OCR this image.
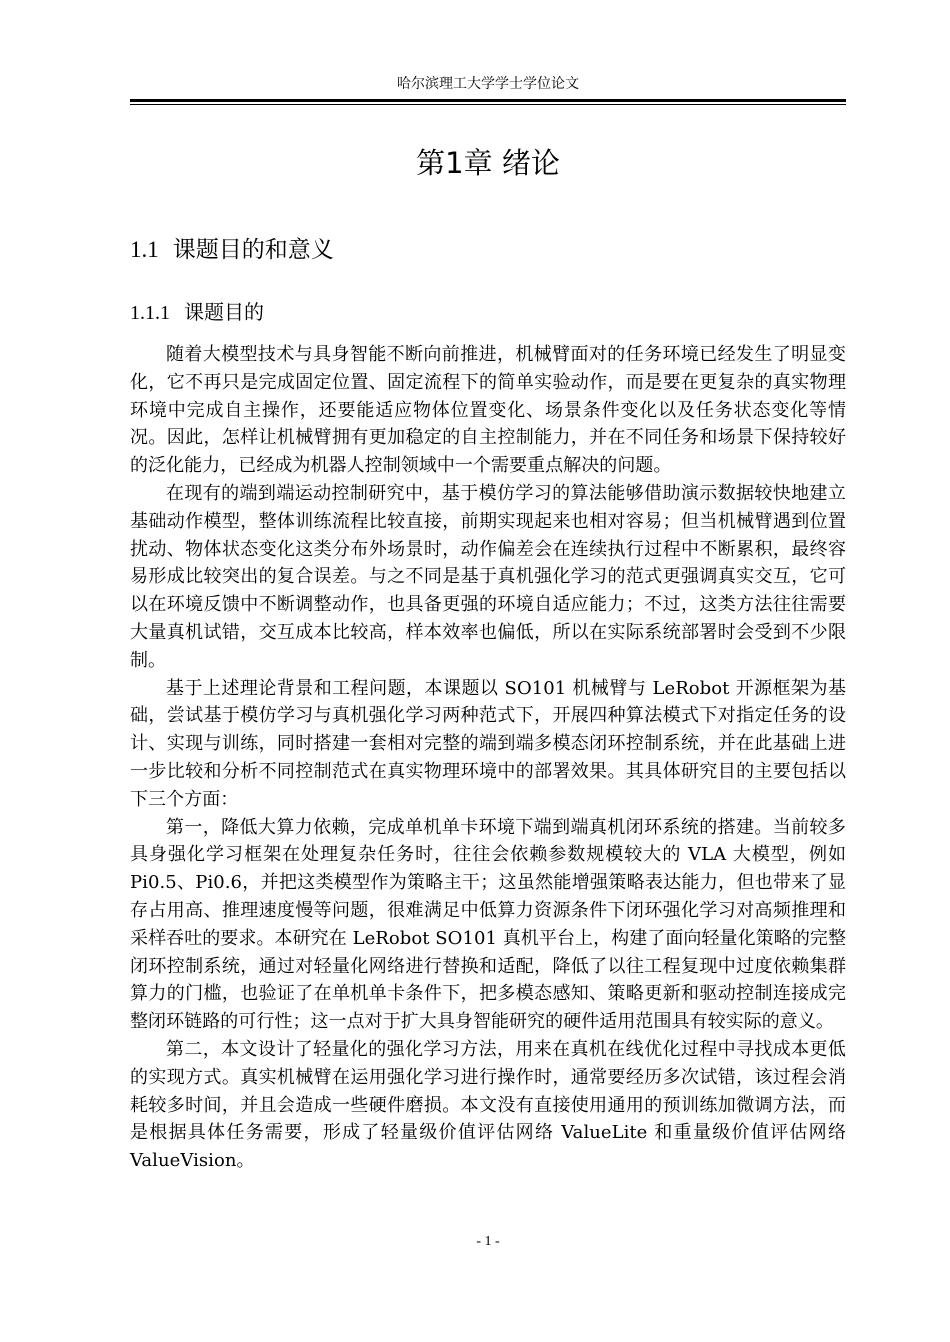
哈尔滨理工大学学士学位论文
第1章 绪论
1.1 课题目的和意义
1.1.1 课题目的

随着大模型技术与具身智能不断向前推进，机械臂面对的任务环境已经发生了明显变化，它不再只是完成固定位置、固定流程下的简单实验动作，而是要在更复杂的真实物理环境中完成自主操作，还要能适应物体位置变化、场景条件变化以及任务状态变化等情况。因此，怎样让机械臂拥有更加稳定的自主控制能力，并在不同任务和场景下保持较好的泛化能力，已经成为机器人控制领域中一个需要重点解决的问题。

在现有的端到端运动控制研究中，基于模仿学习的算法能够借助演示数据较快地建立基础动作模型，整体训练流程比较直接，前期实现起来也相对容易；但当机械臂遇到位置扰动、物体状态变化这类分布外场景时，动作偏差会在连续执行过程中不断累积，最终容易形成比较突出的复合误差。与之不同是基于真机强化学习的范式更强调真实交互，它可以在环境反馈中不断调整动作，也具备更强的环境自适应能力；不过，这类方法往往需要大量真机试错，交互成本比较高，样本效率也偏低，所以在实际系统部署时会受到不少限制。

基于上述理论背景和工程问题，本课题以 SO101 机械臂与 LeRobot 开源框架为基础，尝试基于模仿学习与真机强化学习两种范式下，开展四种算法模式下对指定任务的设计、实现与训练，同时搭建一套相对完整的端到端多模态闭环控制系统，并在此基础上进一步比较和分析不同控制范式在真实物理环境中的部署效果。其具体研究目的主要包括以下三个方面：

第一，降低大算力依赖，完成单机单卡环境下端到端真机闭环系统的搭建。当前较多具身强化学习框架在处理复杂任务时，往往会依赖参数规模较大的 VLA 大模型，例如 Pi0.5、Pi0.6，并把这类模型作为策略主干；这虽然能增强策略表达能力，但也带来了显存占用高、推理速度慢等问题，很难满足中低算力资源条件下闭环强化学习对高频推理和采样吞吐的要求。本研究在 LeRobot SO101 真机平台上，构建了面向轻量化策略的完整闭环控制系统，通过对轻量化网络进行替换和适配，降低了以往工程复现中过度依赖集群算力的门槛，也验证了在单机单卡条件下，把多模态感知、策略更新和驱动控制连接成完整闭环链路的可行性；这一点对于扩大具身智能研究的硬件适用范围具有较实际的意义。

第二，本文设计了轻量化的强化学习方法，用来在真机在线优化过程中寻找成本更低的实现方式。真实机械臂在运用强化学习进行操作时，通常要经历多次试错，该过程会消耗较多时间，并且会造成一些硬件磨损。本文没有直接使用通用的预训练加微调方法，而是根据具体任务需要，形成了轻量级价值评估网络 ValueLite 和重量级价值评估网络 ValueVision。

- 1 -
